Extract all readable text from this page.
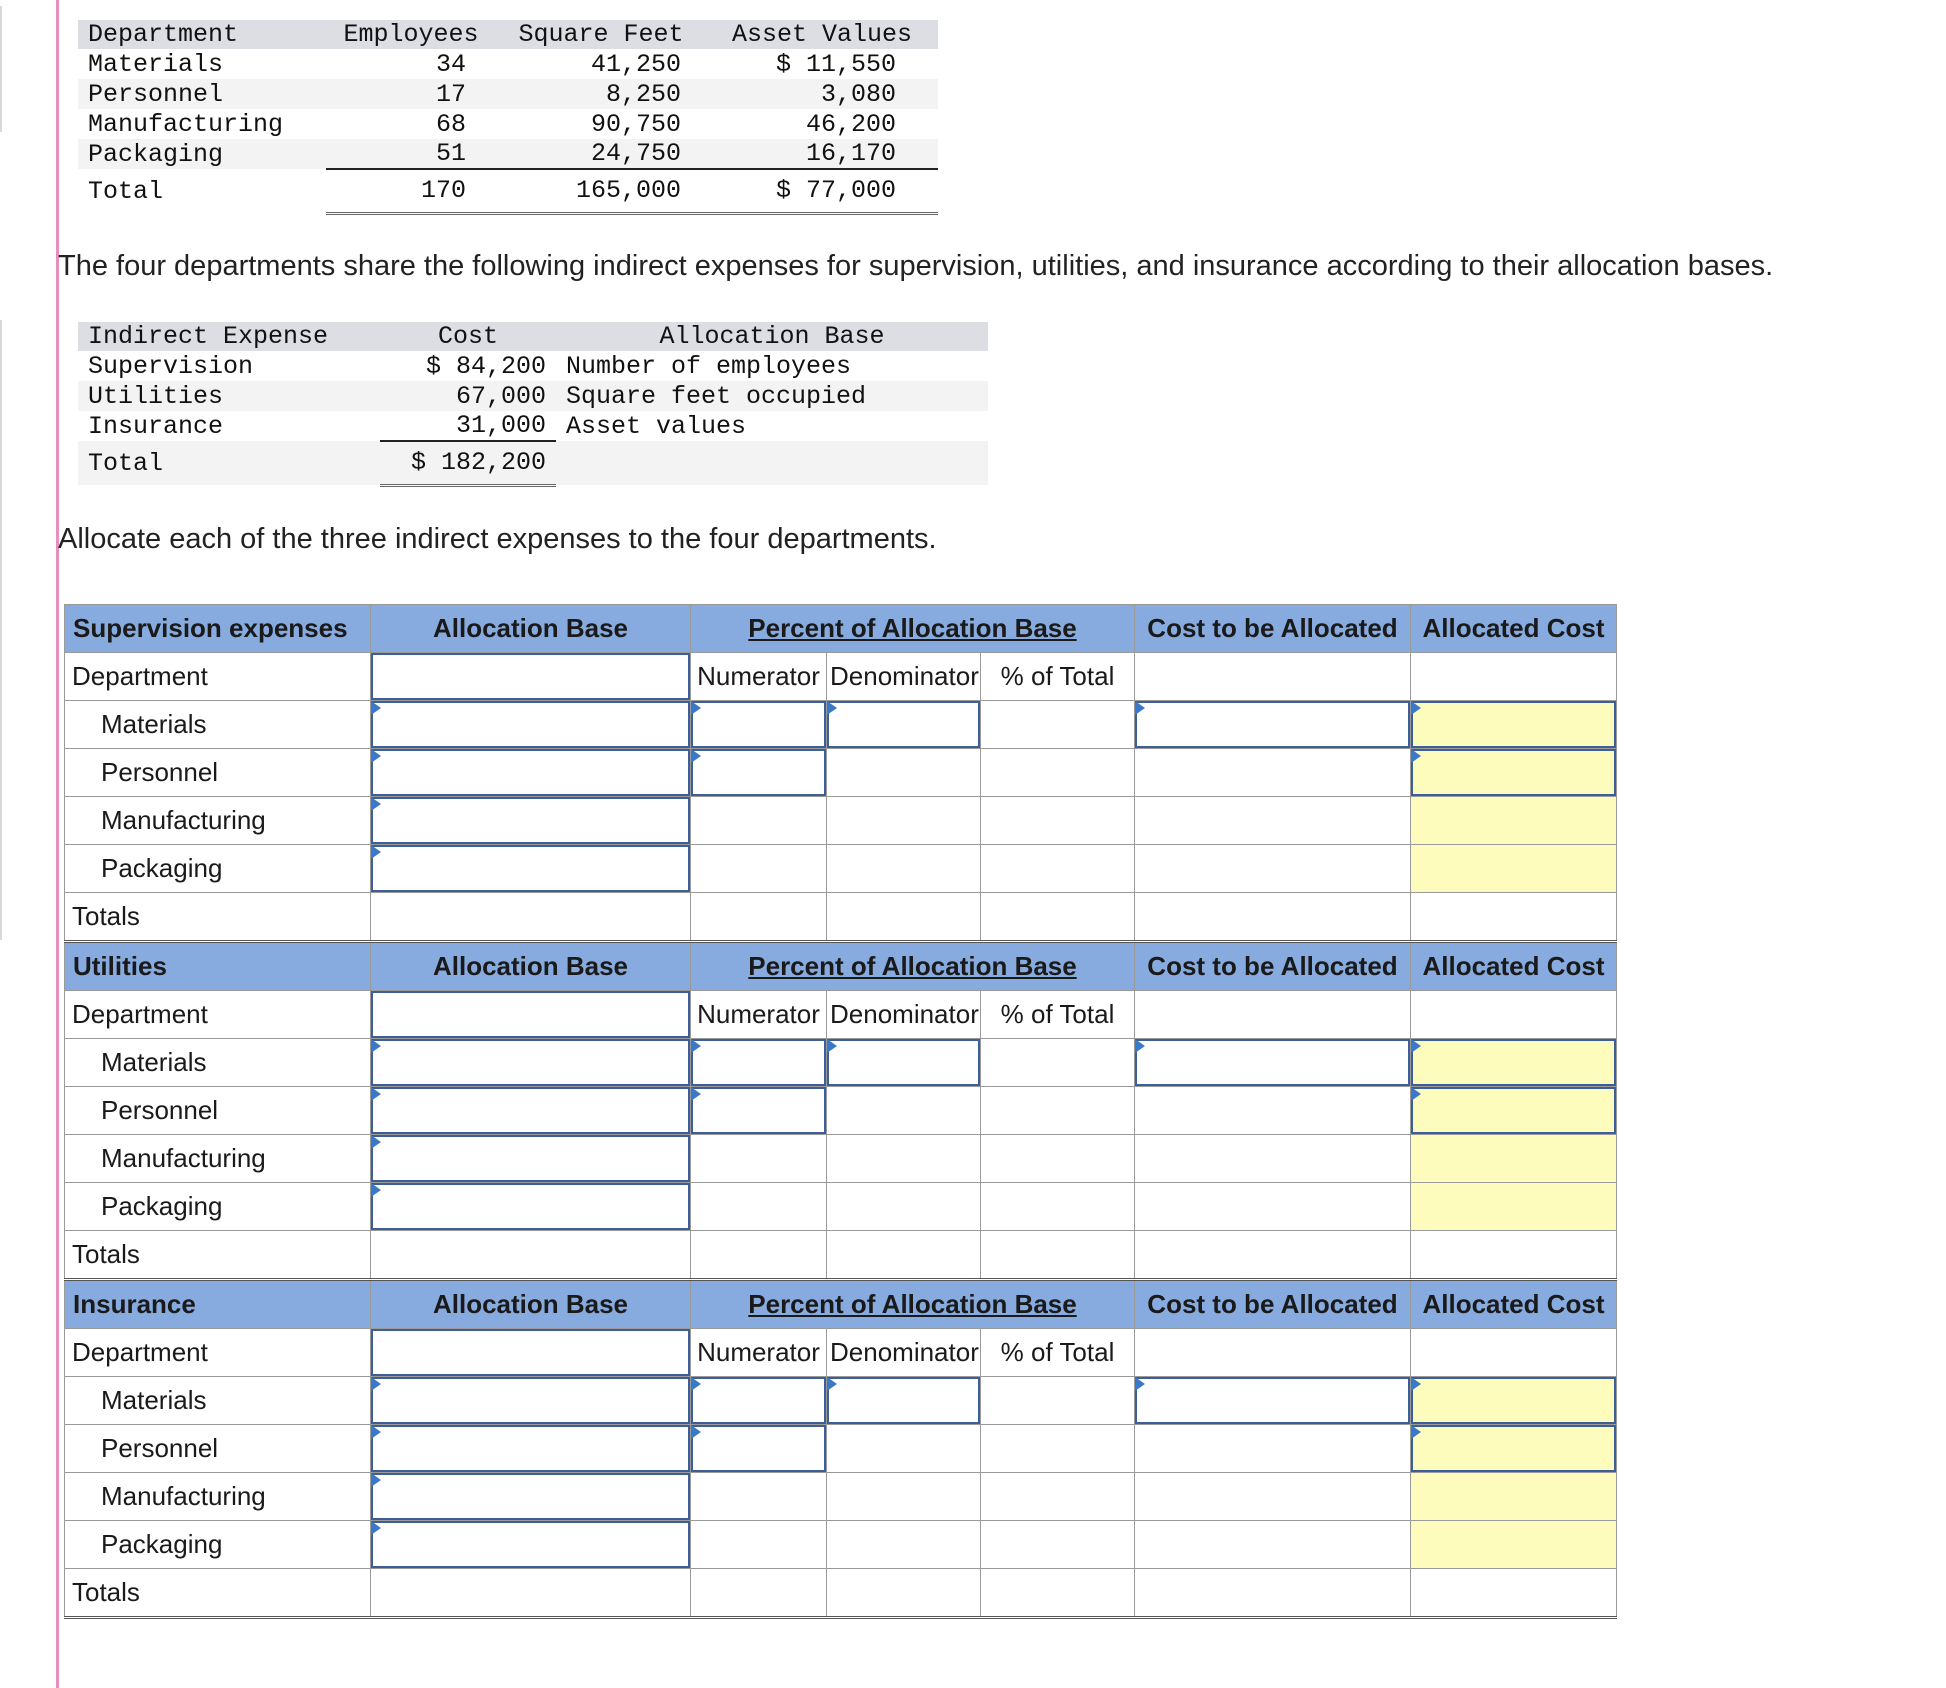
Department	Employees	Square Feet	Asset Values
Materials	34	41,250	$ 11,550
Personnel	17	8,250	3,080
Manufacturing	68	90,750	46,200
Packaging	51	24,750	16,170
Total	170	165,000	$ 77,000
The four departments share the following indirect expenses for supervision, utilities, and insurance according to their allocation bases.
Indirect Expense	Cost	Allocation Base
Supervision	$ 84,200	Number of employees
Utilities	67,000	Square feet occupied
Insurance	31,000	Asset values
Total	$ 182,200	
Allocate each of the three indirect expenses to the four departments.
Supervision expenses	Allocation Base	Percent of Allocation Base			Cost to be Allocated	Allocated Cost
Department		Numerator	Denominator	% of Total		
Materials						
Personnel						
Manufacturing						
Packaging						
Totals						
Utilities	Allocation Base	Percent of Allocation Base			Cost to be Allocated	Allocated Cost
Department		Numerator	Denominator	% of Total		
Materials						
Personnel						
Manufacturing						
Packaging						
Totals						
Insurance	Allocation Base	Percent of Allocation Base			Cost to be Allocated	Allocated Cost
Department		Numerator	Denominator	% of Total		
Materials						
Personnel						
Manufacturing						
Packaging						
Totals						
